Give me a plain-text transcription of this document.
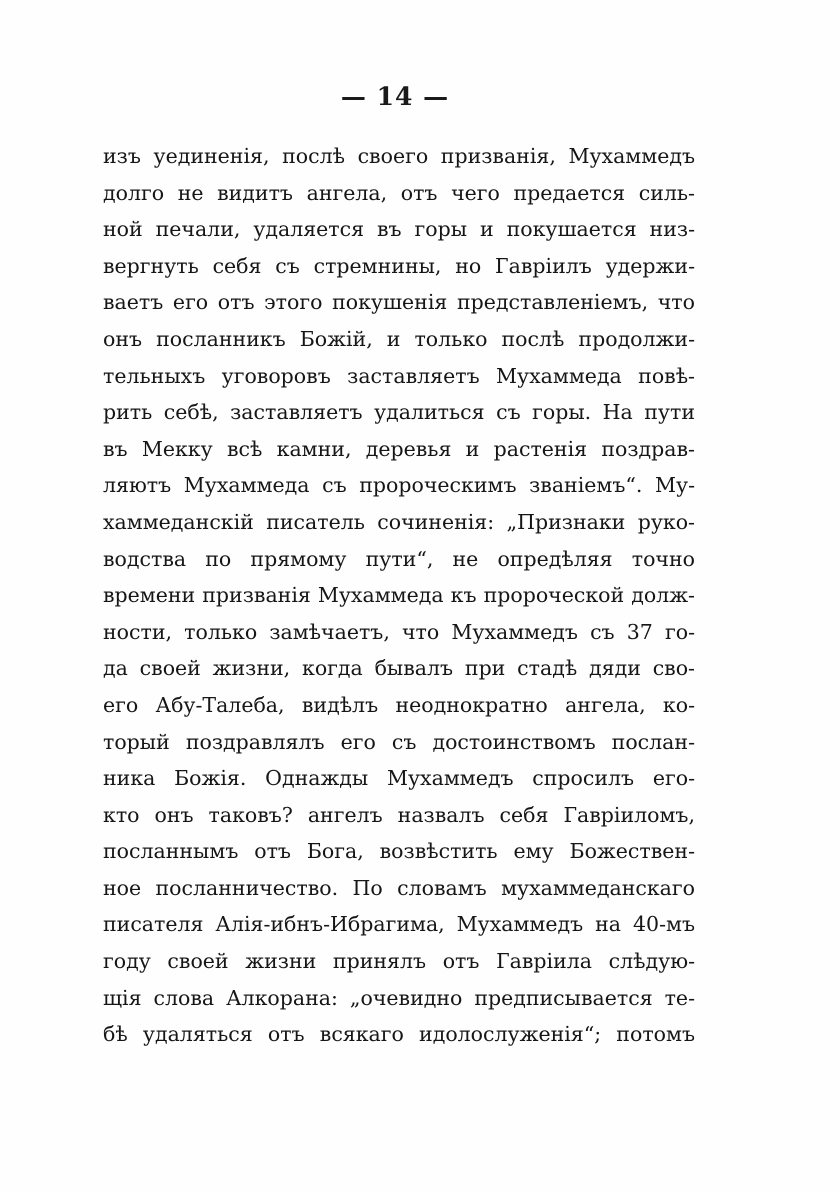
— 14 —
изъ уединенія, послѣ своего призванія, Мухаммедъ
долго не видитъ ангела, отъ чего предается силь-
ной печали, удаляется въ горы и покушается низ-
вергнуть себя съ стремнины, но Гавріилъ удержи-
ваетъ его отъ этого покушенія представленіемъ, что
онъ посланникъ Божій, и только послѣ продолжи-
тельныхъ уговоровъ заставляетъ Мухаммеда повѣ-
рить себѣ, заставляетъ удалиться съ горы. На пути
въ Мекку всѣ камни, деревья и растенія поздрав-
ляютъ Мухаммеда съ пророческимъ званіемъ“. Му-
хаммеданскій писатель сочиненія: „Признаки руко-
водства по прямому пути“, не опредѣляя точно
времени призванія Мухаммеда къ пророческой долж-
ности, только замѣчаетъ, что Мухаммедъ съ 37 го-
да своей жизни, когда бывалъ при стадѣ дяди сво-
его Абу-Талеба, видѣлъ неоднократно ангела, ко-
торый поздравлялъ его съ достоинствомъ послан-
ника Божія. Однажды Мухаммедъ спросилъ его-
кто онъ таковъ? ангелъ назвалъ себя Гавріиломъ,
посланнымъ отъ Бога, возвѣстить ему Божествен-
ное посланничество. По словамъ мухаммеданскаго
писателя Алія-ибнъ-Ибрагима, Мухаммедъ на 40-мъ
году своей жизни принялъ отъ Гавріила слѣдую-
щія слова Алкорана: „очевидно предписывается те-
бѣ удаляться отъ всякаго идолослуженія“; потомъ
